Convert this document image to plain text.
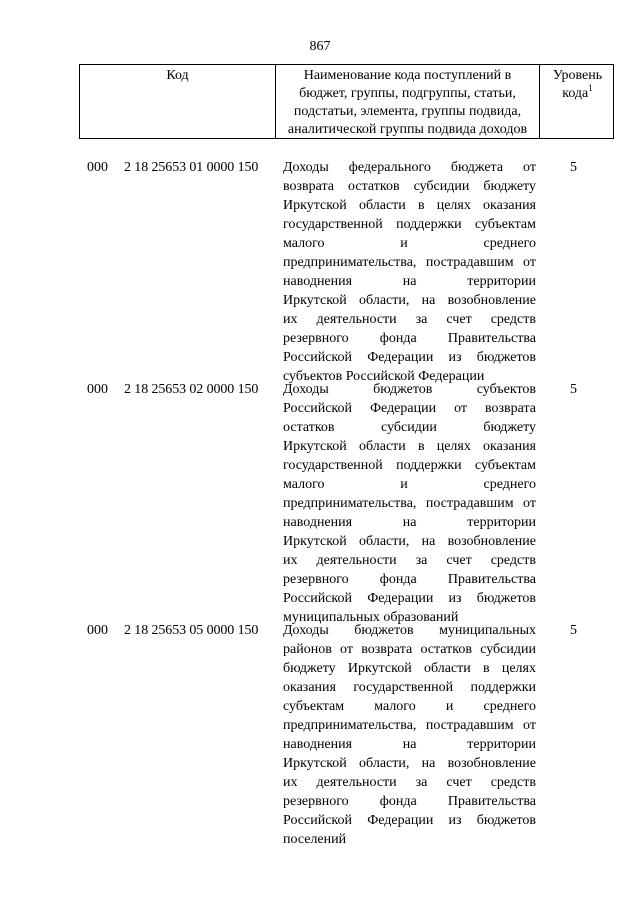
867
Код	Наименование кода поступлений в
бюджет, группы, подгруппы, статьи,
подстатьи, элемента, группы подвида,
аналитической группы подвида доходов
Уровень
кода$^1$
000 2 18 25653 01 0000 150 Доходы федерального бюджета от
возврата остатков субсидии бюджету
Иркутской области в целях оказания
государственной поддержки субъектам
малого и среднего
предпринимательства, пострадавшим от
наводнения на территории
Иркутской области, на возобновление
их деятельности за счет средств
резервного фонда Правительства
Российской Федерации из бюджетов
субъектов Российской Федерации
5
000 2 18 25653 02 0000 150 Доходы бюджетов субъектов
Российской Федерации от возврата
остатков субсидии бюджету
Иркутской области в целях оказания
государственной поддержки субъектам
малого и среднего
предпринимательства, пострадавшим от
наводнения на территории
Иркутской области, на возобновление
их деятельности за счет средств
резервного фонда Правительства
Российской Федерации из бюджетов
муниципальных образований
5
000 2 18 25653 05 0000 150 Доходы бюджетов муниципальных
районов от возврата остатков субсидии
бюджету Иркутской области в целях
оказания государственной поддержки
субъектам малого и среднего
предпринимательства, пострадавшим от
наводнения на территории
Иркутской области, на возобновление
их деятельности за счет средств
резервного фонда Правительства
Российской Федерации из бюджетов
поселений
5
